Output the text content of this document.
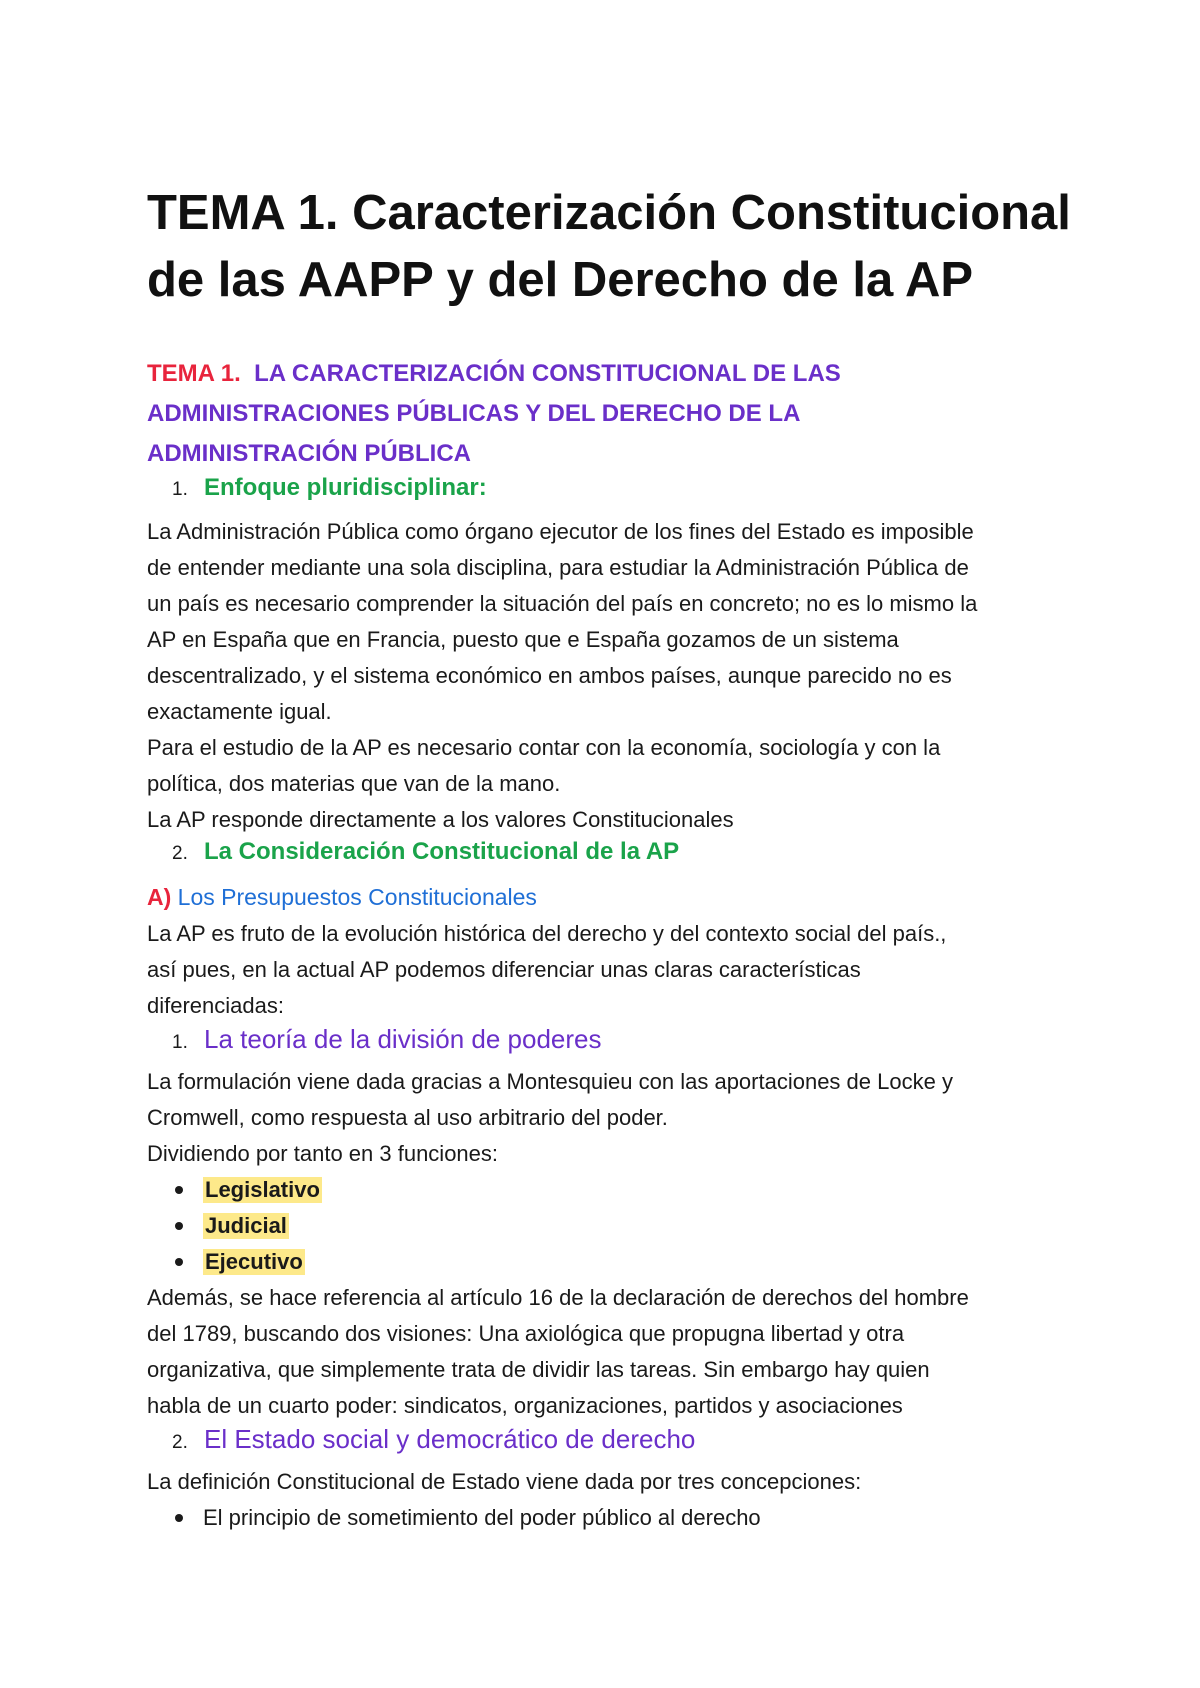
TEMA 1. Caracterización Constitucional
de las AAPP y del Derecho de la AP
TEMA 1. LA CARACTERIZACIÓN CONSTITUCIONAL DE LAS
ADMINISTRACIONES PÚBLICAS Y DEL DERECHO DE LA
ADMINISTRACIÓN PÚBLICA
1. Enfoque pluridisciplinar:

La Administración Pública como órgano ejecutor de los fines del Estado es imposible
de entender mediante una sola disciplina, para estudiar la Administración Pública de
un país es necesario comprender la situación del país en concreto; no es lo mismo la
AP en España que en Francia, puesto que e España gozamos de un sistema
descentralizado, y el sistema económico en ambos países, aunque parecido no es
exactamente igual.

Para el estudio de la AP es necesario contar con la economía, sociología y con la
política, dos materias que van de la mano.

La AP responde directamente a los valores Constitucionales

2. La Consideración Constitucional de la AP
A) Los Presupuestos Constitucionales

La AP es fruto de la evolución histórica del derecho y del contexto social del país.,
así pues, en la actual AP podemos diferenciar unas claras características
diferenciadas:

1. La teoría de la división de poderes

La formulación viene dada gracias a Montesquieu con las aportaciones de Locke y
Cromwell, como respuesta al uso arbitrario del poder.

Dividiendo por tanto en 3 funciones:

Legislativo
Judicial
Ejecutivo

Además, se hace referencia al artículo 16 de la declaración de derechos del hombre
del 1789, buscando dos visiones: Una axiológica que propugna libertad y otra
organizativa, que simplemente trata de dividir las tareas. Sin embargo hay quien
habla de un cuarto poder: sindicatos, organizaciones, partidos y asociaciones

2. El Estado social y democrático de derecho

La definición Constitucional de Estado viene dada por tres concepciones:

El principio de sometimiento del poder público al derecho
